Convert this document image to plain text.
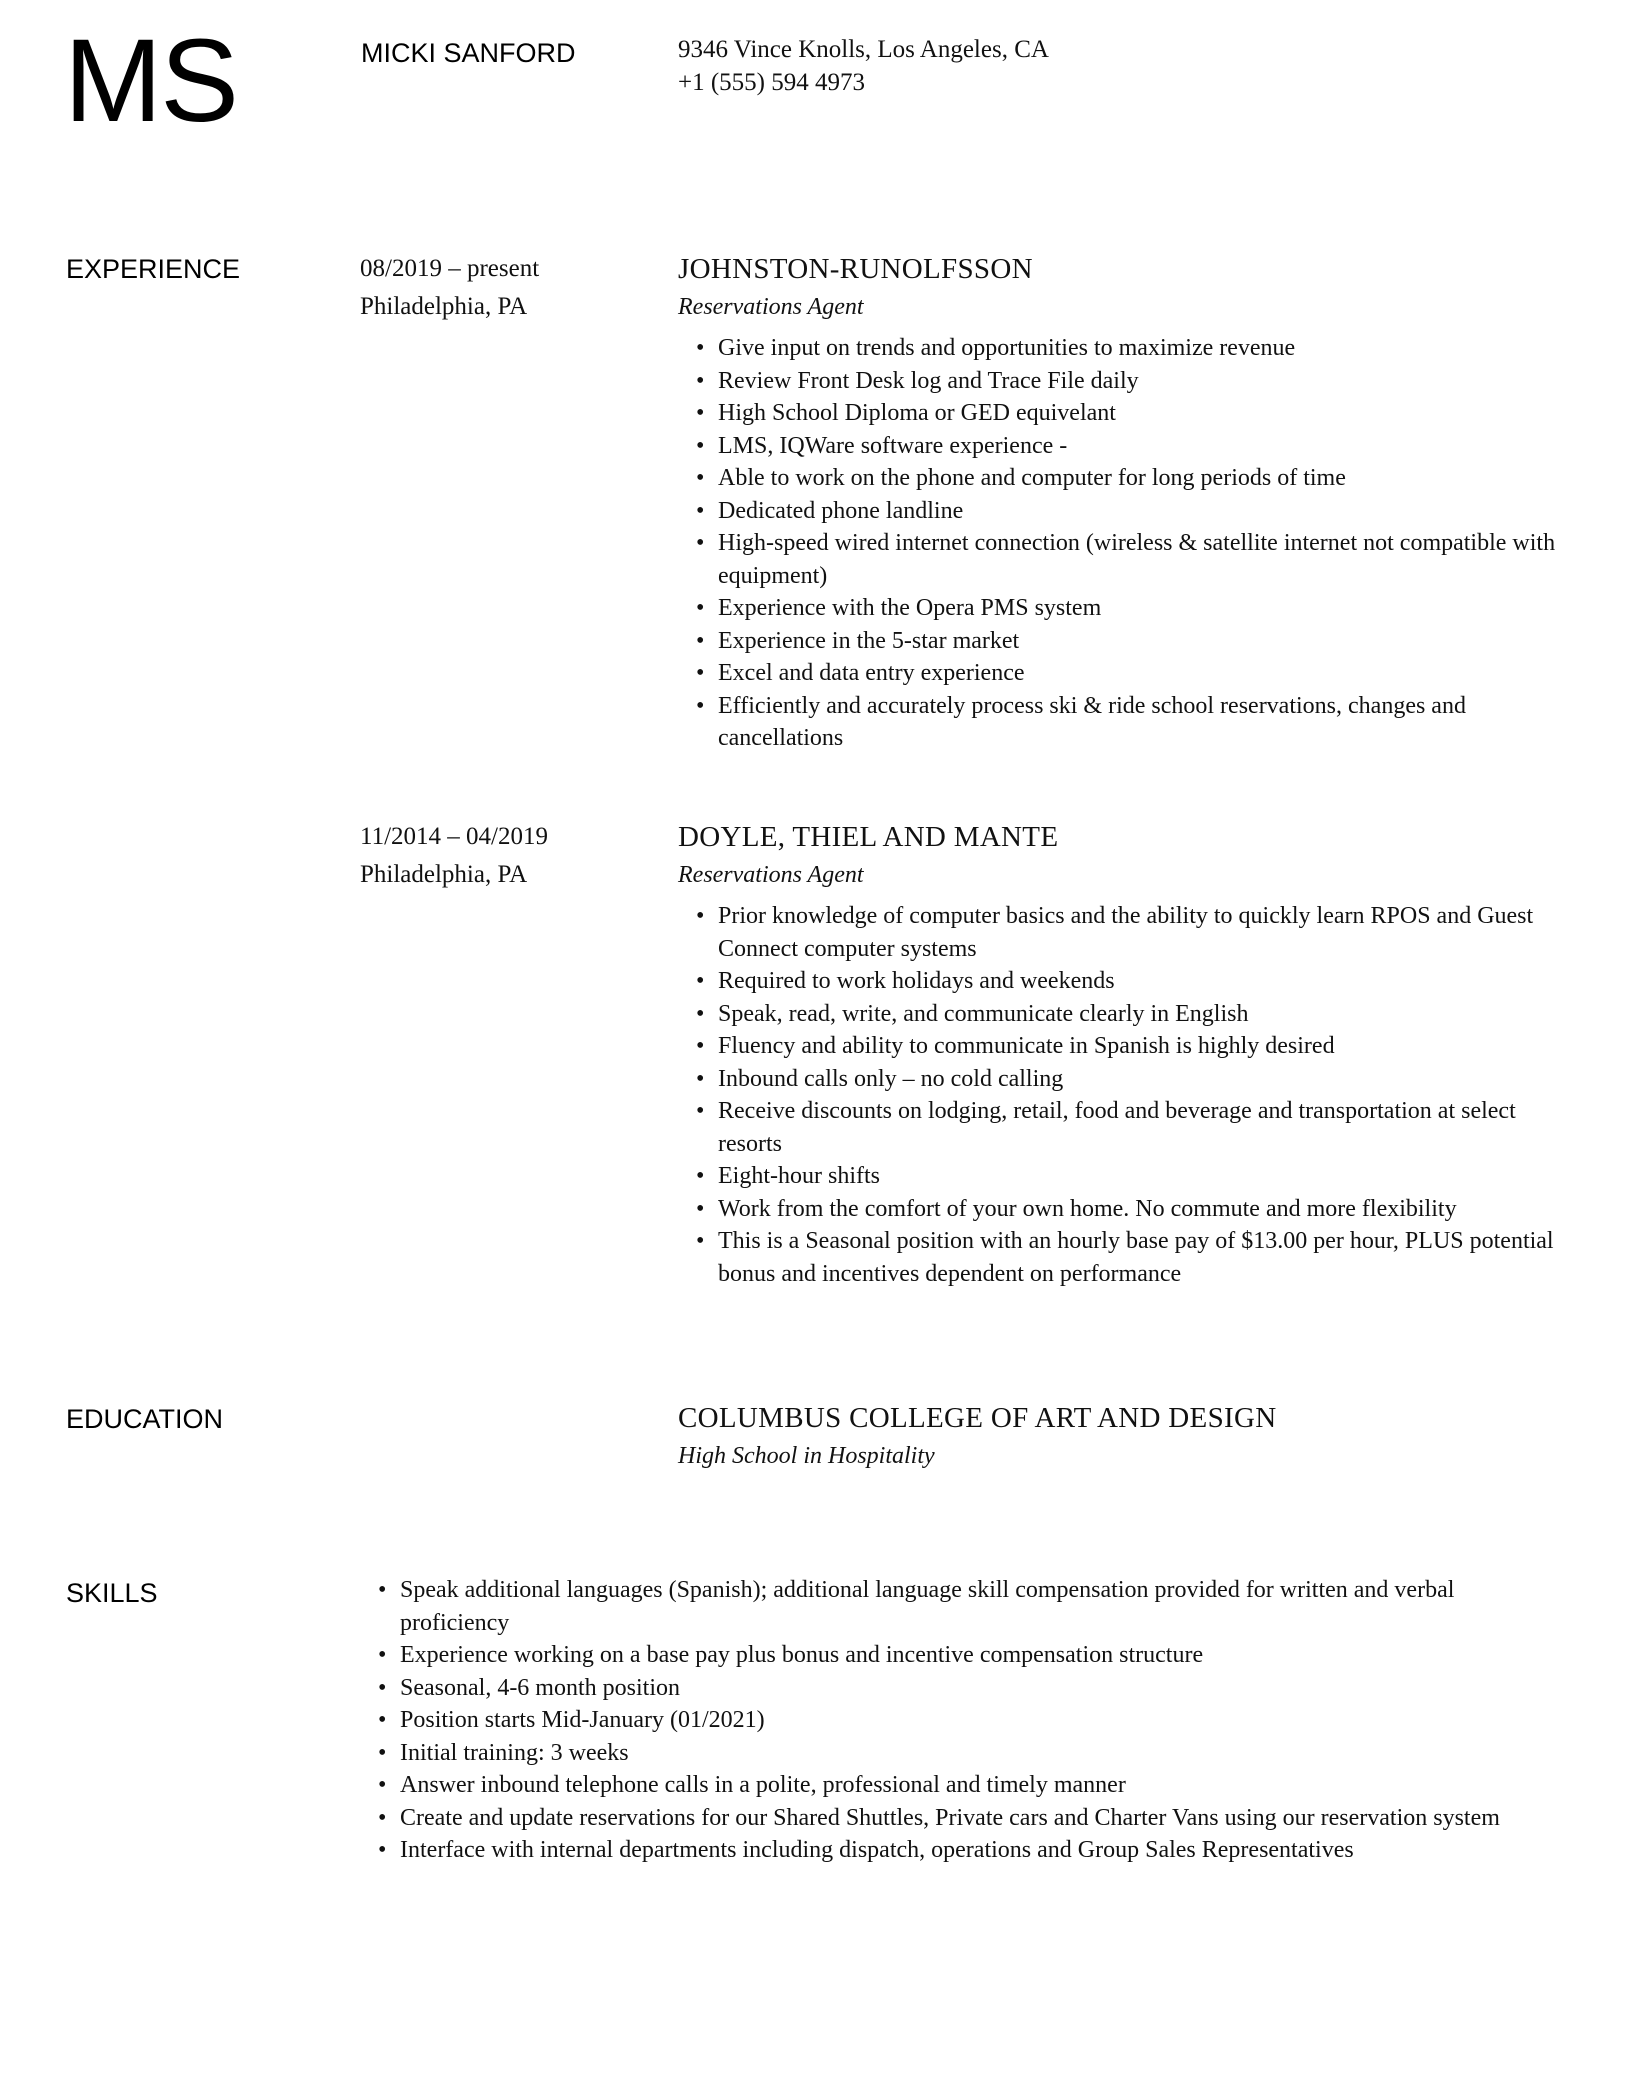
MS	MICKI SANFORD	9346 Vince Knolls, Los Angeles, CA
+1 (555) 594 4973
EXPERIENCE	08/2019 – present
Philadelphia, PA
JOHNSTON-RUNOLFSSON
Reservations Agent
• Give input on trends and opportunities to maximize revenue
• Review Front Desk log and Trace File daily
• High School Diploma or GED equivelant
• LMS, IQWare software experience -
• Able to work on the phone and computer for long periods of time
• Dedicated phone landline
• High-speed wired internet connection (wireless & satellite internet not compatible with equipment)
• Experience with the Opera PMS system
• Experience in the 5-star market
• Excel and data entry experience
• Efficiently and accurately process ski & ride school reservations, changes and cancellations
11/2014 – 04/2019
Philadelphia, PA
DOYLE, THIEL AND MANTE
Reservations Agent
• Prior knowledge of computer basics and the ability to quickly learn RPOS and Guest Connect computer systems
• Required to work holidays and weekends
• Speak, read, write, and communicate clearly in English
• Fluency and ability to communicate in Spanish is highly desired
• Inbound calls only – no cold calling
• Receive discounts on lodging, retail, food and beverage and transportation at select resorts
• Eight-hour shifts
• Work from the comfort of your own home. No commute and more flexibility
• This is a Seasonal position with an hourly base pay of $13.00 per hour, PLUS potential bonus and incentives dependent on performance
EDUCATION	COLUMBUS COLLEGE OF ART AND DESIGN
High School in Hospitality
SKILLS	• Speak additional languages (Spanish); additional language skill compensation provided for written and verbal proficiency
• Experience working on a base pay plus bonus and incentive compensation structure
• Seasonal, 4-6 month position
• Position starts Mid-January (01/2021)
• Initial training: 3 weeks
• Answer inbound telephone calls in a polite, professional and timely manner
• Create and update reservations for our Shared Shuttles, Private cars and Charter Vans using our reservation system
• Interface with internal departments including dispatch, operations and Group Sales Representatives
